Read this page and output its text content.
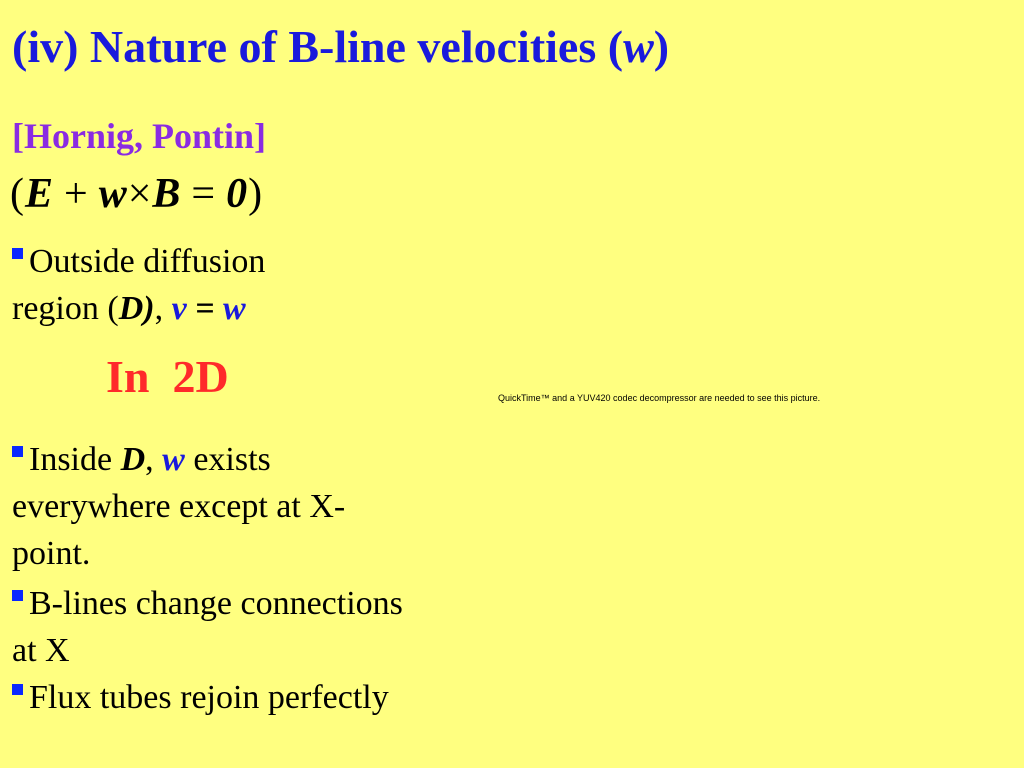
(iv) Nature of B-line velocities (w)
[Hornig, Pontin]
(E + w×B = 0)
Outside diffusion
region (D), v = w
In  2D	QuickTime™ and a YUV420 codec decompressor are needed to see this picture.
Inside D, w exists everywhere except at X-point.
B-lines change connections at X
Flux tubes rejoin perfectly
